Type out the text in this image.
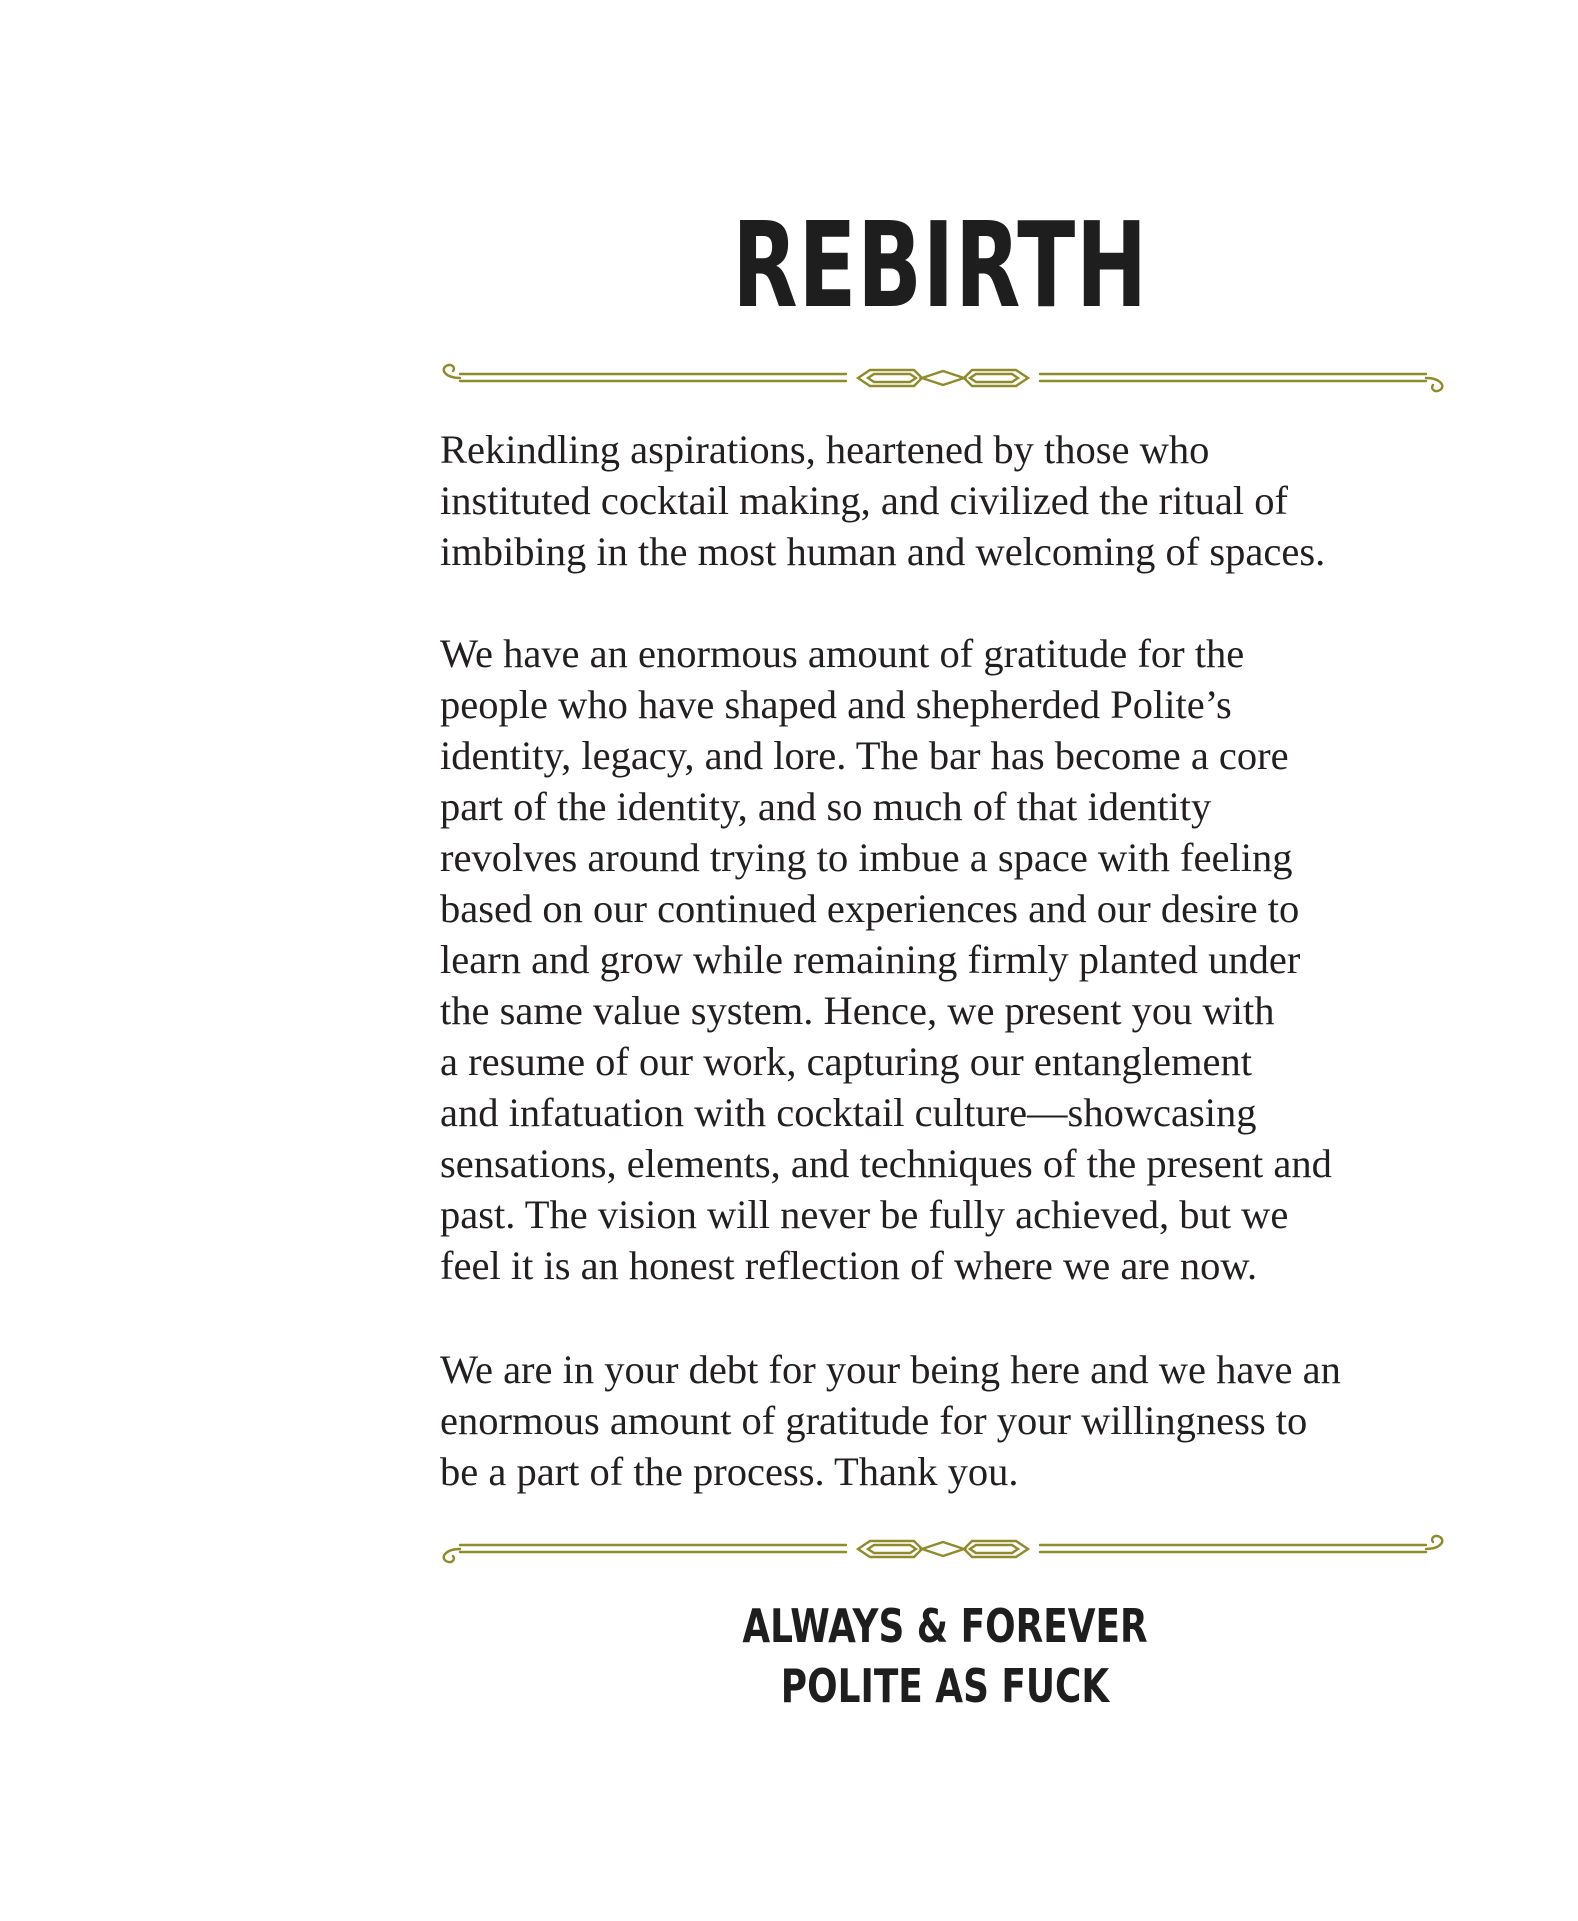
REBIRTH

Rekindling aspirations, heartened by those who

instituted cocktail making, and civilized the ritual of

imbibing in the most human and welcoming of spaces.

We have an enormous amount of gratitude for the

people who have shaped and shepherded Polite’s

identity, legacy, and lore. The bar has become a core

part of the identity, and so much of that identity

revolves around trying to imbue a space with feeling

based on our continued experiences and our desire to

learn and grow while remaining firmly planted under

the same value system. Hence, we present you with

a resume of our work, capturing our entanglement

and infatuation with cocktail culture—showcasing

sensations, elements, and techniques of the present and

past. The vision will never be fully achieved, but we

feel it is an honest reflection of where we are now.

We are in your debt for your being here and we have an

enormous amount of gratitude for your willingness to

be a part of the process. Thank you.

ALWAYS & FOREVER
POLITE AS FUCK
